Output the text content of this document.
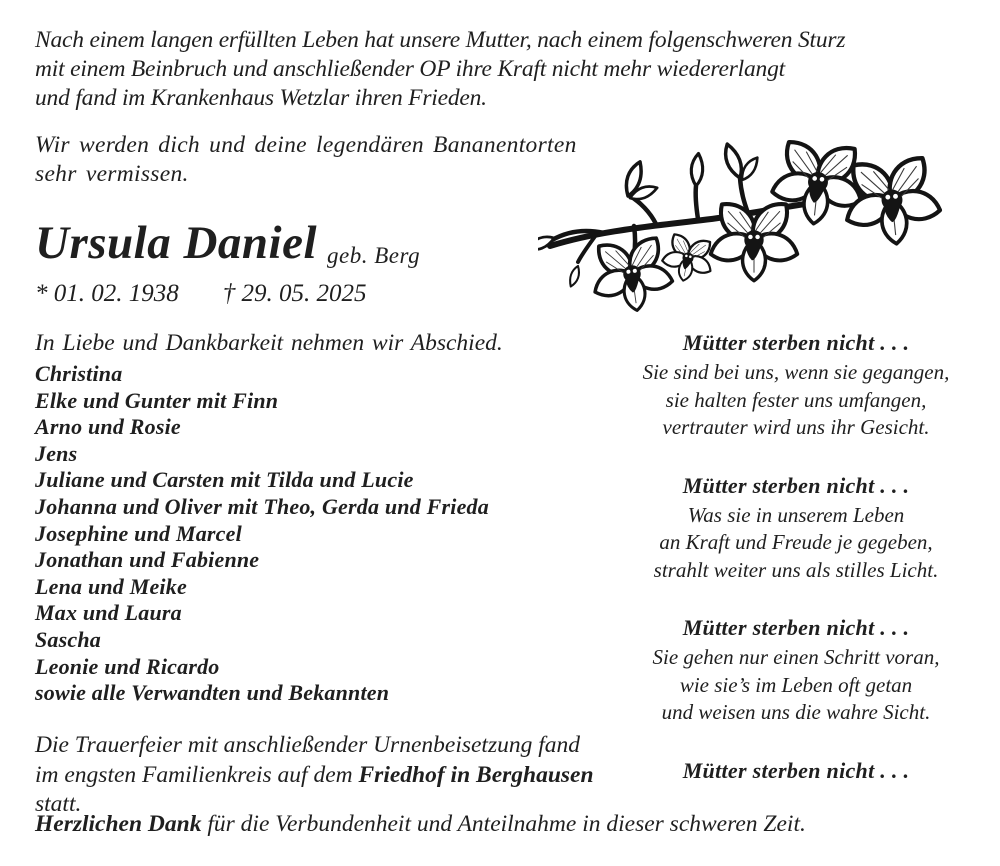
Nach einem langen erfüllten Leben hat unsere Mutter, nach einem folgenschweren Sturz
mit einem Beinbruch und anschließender OP ihre Kraft nicht mehr wiedererlangt
und fand im Krankenhaus Wetzlar ihren Frieden.
Wir werden dich und deine legendären Bananentorten
sehr vermissen.
Ursula Daniel geb. Berg
* 01. 02. 1938 † 29. 05. 2025
In Liebe und Dankbarkeit nehmen wir Abschied.
Christina
Elke und Gunter mit Finn
Arno und Rosie
Jens
Juliane und Carsten mit Tilda und Lucie
Johanna und Oliver mit Theo, Gerda und Frieda
Josephine und Marcel
Jonathan und Fabienne
Lena und Meike
Max und Laura
Sascha
Leonie und Ricardo
sowie alle Verwandten und Bekannten
Mütter sterben nicht . . .
Sie sind bei uns, wenn sie gegangen,
sie halten fester uns umfangen,
vertrauter wird uns ihr Gesicht.
Mütter sterben nicht . . .
Was sie in unserem Leben
an Kraft und Freude je gegeben,
strahlt weiter uns als stilles Licht.
Mütter sterben nicht . . .
Sie gehen nur einen Schritt voran,
wie sie’s im Leben oft getan
und weisen uns die wahre Sicht.
Mütter sterben nicht . . .
Die Trauerfeier mit anschließender Urnenbeisetzung fand
im engsten Familienkreis auf dem Friedhof in Berghausen statt.
Herzlichen Dank für die Verbundenheit und Anteilnahme in dieser schweren Zeit.
